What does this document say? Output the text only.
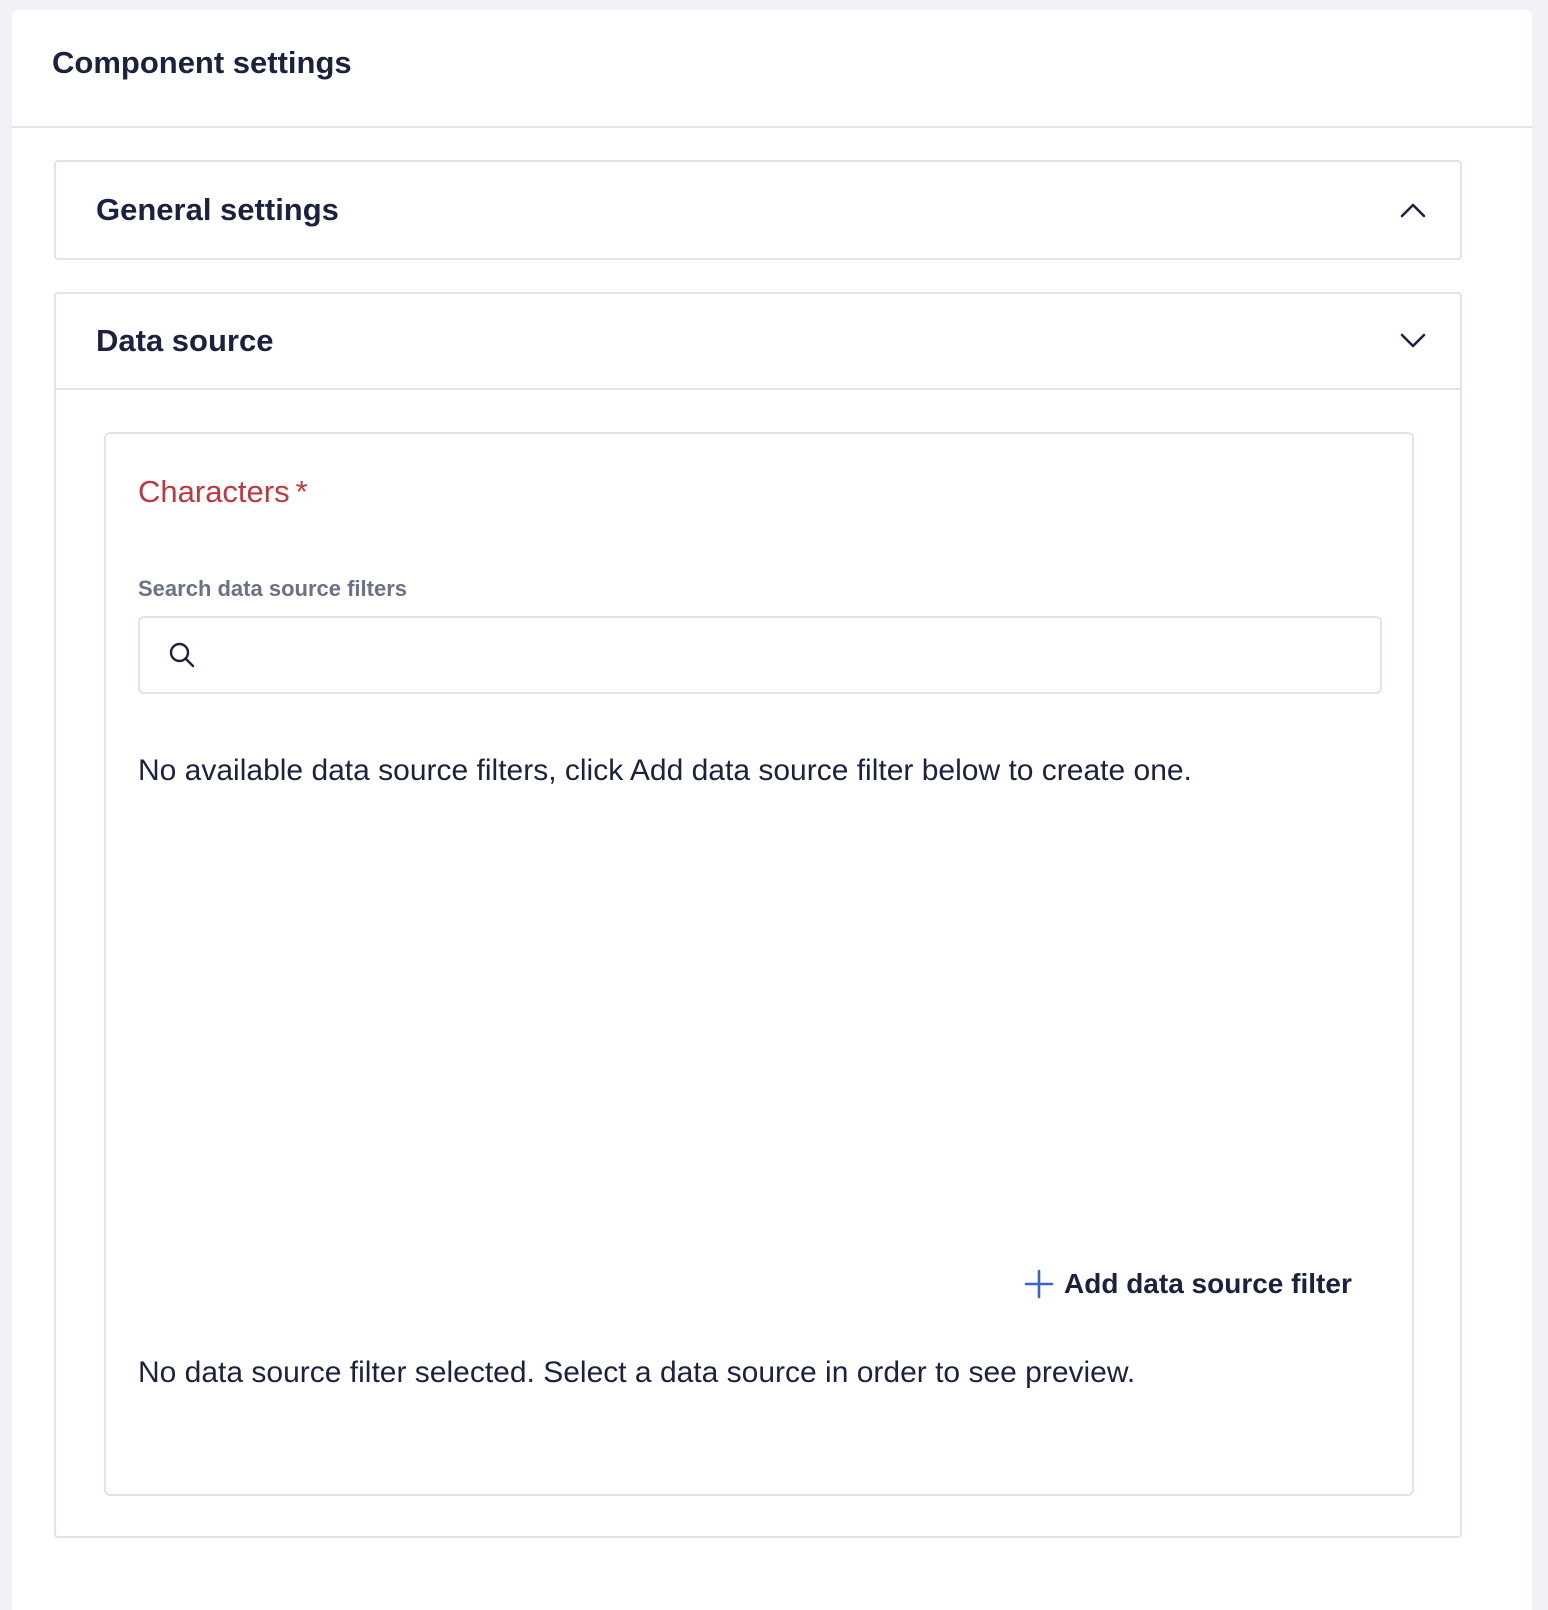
Component settings
General settings
Data source
Characters *
Search data source filters
No available data source filters, click Add data source filter below to create one.
Add data source filter
No data source filter selected. Select a data source in order to see preview.
